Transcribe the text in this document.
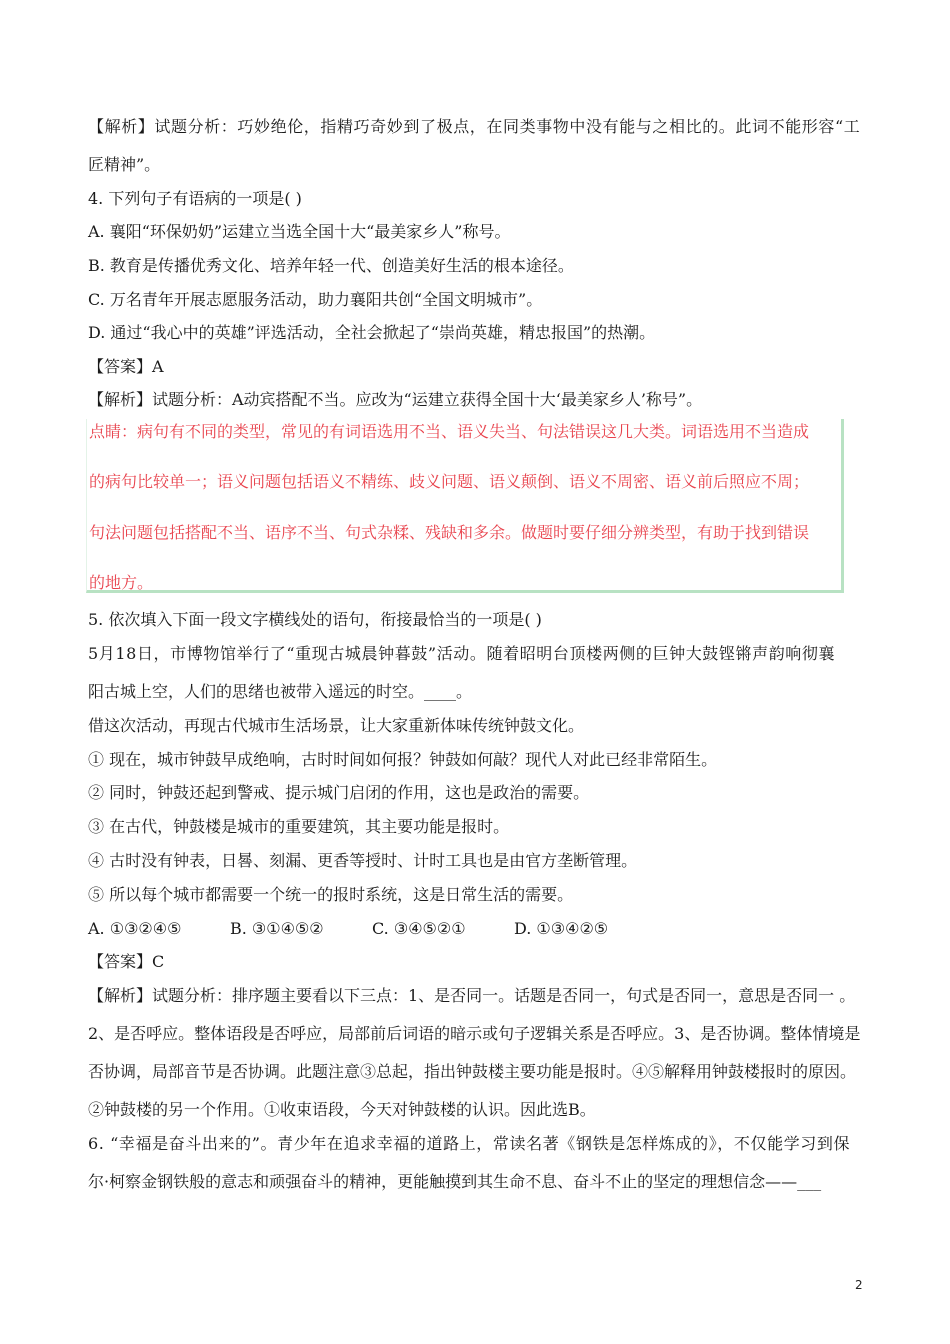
【解析】试题分析：巧妙绝伦，指精巧奇妙到了极点，在同类事物中没有能与之相比的。此词不能形容“工
匠精神”。
4. 下列句子有语病的一项是( )
A. 襄阳“环保奶奶”运建立当选全国十大“最美家乡人”称号。
B. 教育是传播优秀文化、培养年轻一代、创造美好生活的根本途径。
C. 万名青年开展志愿服务活动，助力襄阳共创“全国文明城市”。
D. 通过“我心中的英雄”评选活动，全社会掀起了“崇尚英雄，精忠报国”的热潮。
【答案】A
【解析】试题分析：A动宾搭配不当。应改为“运建立获得全国十大‘最美家乡人’称号”。
点睛：病句有不同的类型，常见的有词语选用不当、语义失当、句法错误这几大类。词语选用不当造成
的病句比较单一；语义问题包括语义不精练、歧义问题、语义颠倒、语义不周密、语义前后照应不周；
句法问题包括搭配不当、语序不当、句式杂糅、残缺和多余。做题时要仔细分辨类型，有助于找到错误
的地方。
5. 依次填入下面一段文字横线处的语句，衔接最恰当的一项是( )
5月18日，市博物馆举行了“重现古城晨钟暮鼓”活动。随着昭明台顶楼两侧的巨钟大鼓铿锵声韵响彻襄
阳古城上空，人们的思绪也被带入遥远的时空。____。
借这次活动，再现古代城市生活场景，让大家重新体味传统钟鼓文化。
① 现在，城市钟鼓早成绝响，古时时间如何报？钟鼓如何敲？现代人对此已经非常陌生。
② 同时，钟鼓还起到警戒、提示城门启闭的作用，这也是政治的需要。
③ 在古代，钟鼓楼是城市的重要建筑，其主要功能是报时。
④ 古时没有钟表，日晷、刻漏、更香等授时、计时工具也是由官方垄断管理。
⑤ 所以每个城市都需要一个统一的报时系统，这是日常生活的需要。
A. ①③②④⑤	B. ③①④⑤②	C. ③④⑤②①	D. ①③④②⑤
【答案】C
【解析】试题分析：排序题主要看以下三点：1、是否同一。话题是否同一，句式是否同一，意思是否同一 。
2、是否呼应。整体语段是否呼应，局部前后词语的暗示或句子逻辑关系是否呼应。3、是否协调。整体情境是
否协调，局部音节是否协调。此题注意③总起，指出钟鼓楼主要功能是报时。④⑤解释用钟鼓楼报时的原因。
②钟鼓楼的另一个作用。①收束语段，今天对钟鼓楼的认识。因此选B。
6. “幸福是奋斗出来的”。青少年在追求幸福的道路上，常读名著《钢铁是怎样炼成的》，不仅能学习到保
尔·柯察金钢铁般的意志和顽强奋斗的精神，更能触摸到其生命不息、奋斗不止的坚定的理想信念——___
2
